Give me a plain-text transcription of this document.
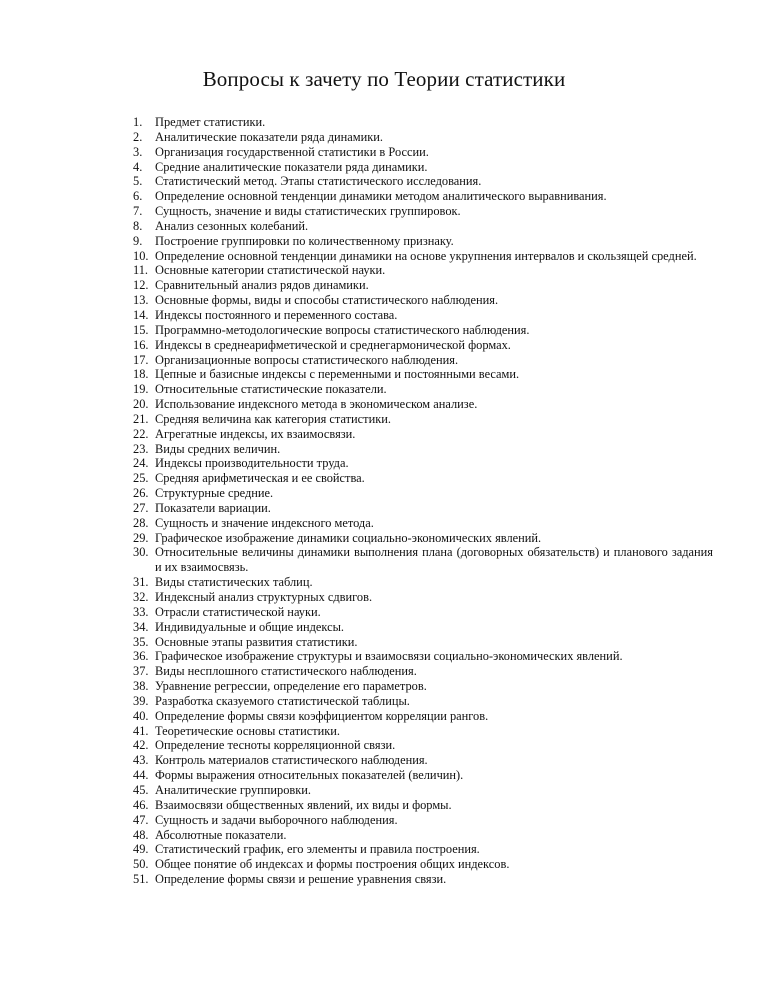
Вопросы к зачету по Теории статистики
1. Предмет статистики.
2. Аналитические показатели ряда динамики.
3. Организация государственной статистики в России.
4. Средние аналитические показатели ряда динамики.
5. Статистический метод. Этапы статистического исследования.
6. Определение основной тенденции динамики методом аналитического выравнивания.
7. Сущность, значение и виды статистических группировок.
8. Анализ сезонных колебаний.
9. Построение группировки по количественному признаку.
10. Определение основной тенденции динамики на основе укрупнения интервалов и скользящей средней.
11. Основные категории статистической науки.
12. Сравнительный анализ рядов динамики.
13. Основные формы, виды и способы статистического наблюдения.
14. Индексы постоянного и переменного состава.
15. Программно-методологические вопросы статистического наблюдения.
16. Индексы в среднеарифметической и среднегармонической формах.
17. Организационные вопросы статистического наблюдения.
18. Цепные и базисные индексы с переменными и постоянными весами.
19. Относительные статистические показатели.
20. Использование индексного метода в экономическом анализе.
21. Средняя величина как категория статистики.
22. Агрегатные индексы, их взаимосвязи.
23. Виды средних величин.
24. Индексы производительности труда.
25. Средняя арифметическая и ее свойства.
26. Структурные средние.
27. Показатели вариации.
28. Сущность и значение индексного метода.
29. Графическое изображение динамики социально-экономических явлений.
30. Относительные величины динамики выполнения плана (договорных обязательств) и планового задания и их взаимосвязь.
31. Виды статистических таблиц.
32. Индексный анализ структурных сдвигов.
33. Отрасли статистической науки.
34. Индивидуальные и общие индексы.
35. Основные этапы развития статистики.
36. Графическое изображение структуры и взаимосвязи социально-экономических явлений.
37. Виды несплошного статистического наблюдения.
38. Уравнение регрессии, определение его параметров.
39. Разработка сказуемого статистической таблицы.
40. Определение формы связи коэффициентом корреляции рангов.
41. Теоретические основы статистики.
42. Определение тесноты корреляционной связи.
43. Контроль материалов статистического наблюдения.
44. Формы выражения относительных показателей (величин).
45. Аналитические группировки.
46. Взаимосвязи общественных явлений, их виды и формы.
47. Сущность и задачи выборочного наблюдения.
48. Абсолютные показатели.
49. Статистический график, его элементы и правила построения.
50. Общее понятие об индексах и формы построения общих индексов.
51. Определение формы связи и решение уравнения связи.
